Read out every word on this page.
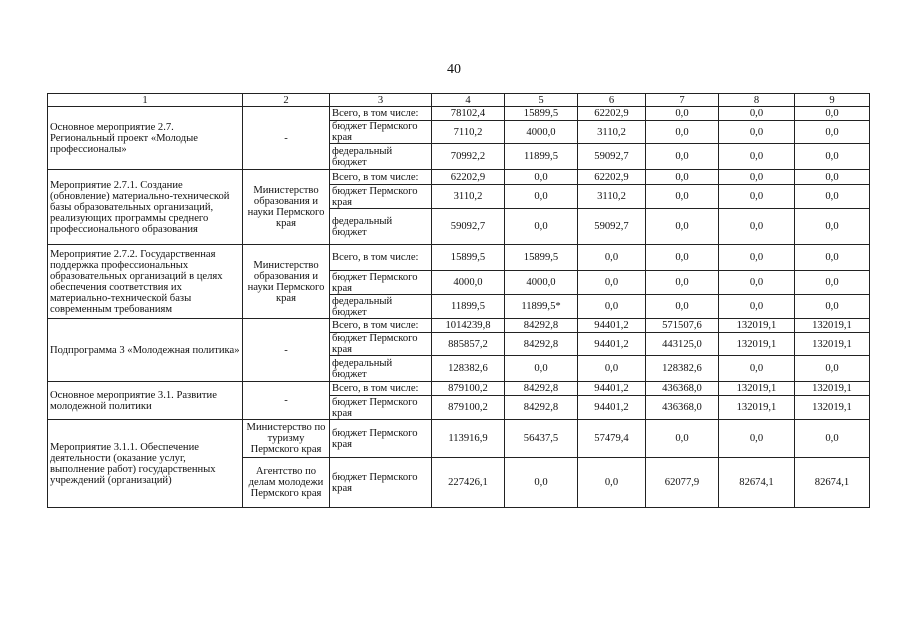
40
1	2	3	4	5	6	7	8	9
Основное мероприятие 2.7. Региональный проект «Молодые профессионалы»	-	Всего, в том числе:	78102,4	15899,5	62202,9	0,0	0,0	0,0
		бюджет Пермского края	7110,2	4000,0	3110,2	0,0	0,0	0,0
		федеральный бюджет	70992,2	11899,5	59092,7	0,0	0,0	0,0
Мероприятие 2.7.1. Создание (обновление) материально-технической базы образовательных организаций, реализующих программы среднего профессионального образования	Министерство образования и науки Пермского края	Всего, в том числе:	62202,9	0,0	62202,9	0,0	0,0	0,0
		бюджет Пермского края	3110,2	0,0	3110,2	0,0	0,0	0,0
		федеральный бюджет	59092,7	0,0	59092,7	0,0	0,0	0,0
Мероприятие 2.7.2. Государственная поддержка профессиональных образовательных организаций в целях обеспечения соответствия их материально-технической базы современным требованиям	Министерство образования и науки Пермского края	Всего, в том числе:	15899,5	15899,5	0,0	0,0	0,0	0,0
		бюджет Пермского края	4000,0	4000,0	0,0	0,0	0,0	0,0
		федеральный бюджет	11899,5	11899,5*	0,0	0,0	0,0	0,0
Подпрограмма 3 «Молодежная политика»	-	Всего, в том числе:	1014239,8	84292,8	94401,2	571507,6	132019,1	132019,1
		бюджет Пермского края	885857,2	84292,8	94401,2	443125,0	132019,1	132019,1
		федеральный бюджет	128382,6	0,0	0,0	128382,6	0,0	0,0
Основное мероприятие 3.1. Развитие молодежной политики	-	Всего, в том числе:	879100,2	84292,8	94401,2	436368,0	132019,1	132019,1
		бюджет Пермского края	879100,2	84292,8	94401,2	436368,0	132019,1	132019,1
Мероприятие 3.1.1. Обеспечение деятельности (оказание услуг, выполнение работ) государственных учреждений (организаций)	Министерство по туризму Пермского края	бюджет Пермского края	113916,9	56437,5	57479,4	0,0	0,0	0,0
	Агентство по делам молодежи Пермского края	бюджет Пермского края	227426,1	0,0	0,0	62077,9	82674,1	82674,1
